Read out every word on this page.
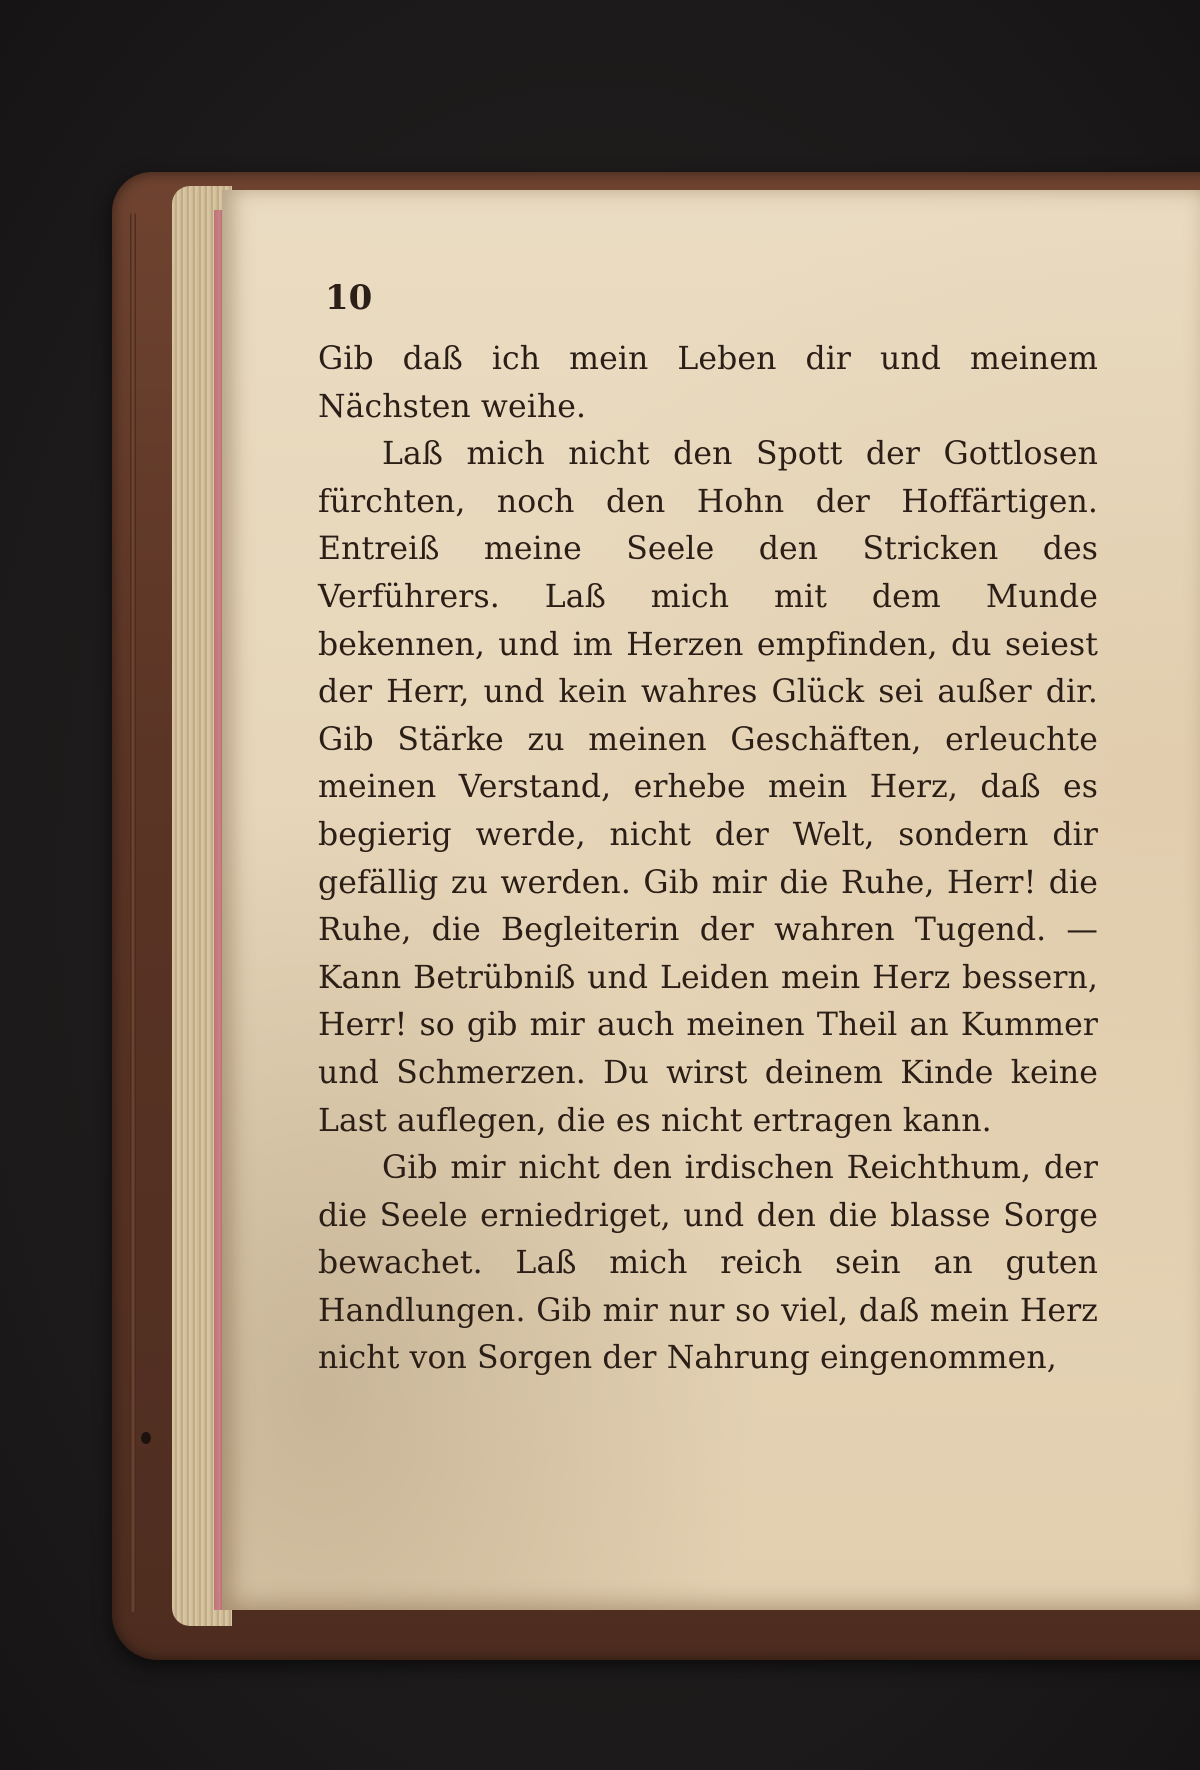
10

Gib daß ich mein Leben dir und meinem Nächsten weihe.

Laß mich nicht den Spott der Gottlosen fürchten, noch den Hohn der Hoffärtigen. Entreiß meine Seele den Stricken des Verführers. Laß mich mit dem Munde bekennen, und im Herzen empfinden, du seiest der Herr, und kein wahres Glück sei außer dir. Gib Stärke zu meinen Geschäften, erleuchte meinen Verstand, erhebe mein Herz, daß es begierig werde, nicht der Welt, sondern dir gefällig zu werden. Gib mir die Ruhe, Herr! die Ruhe, die Begleiterin der wahren Tugend. — Kann Betrübniß und Leiden mein Herz bessern, Herr! so gib mir auch meinen Theil an Kummer und Schmerzen. Du wirst deinem Kinde keine Last auflegen, die es nicht ertragen kann.

Gib mir nicht den irdischen Reichthum, der die Seele erniedriget, und den die blasse Sorge bewachet. Laß mich reich sein an guten Handlungen. Gib mir nur so viel, daß mein Herz nicht von Sorgen der Nahrung eingenommen,
